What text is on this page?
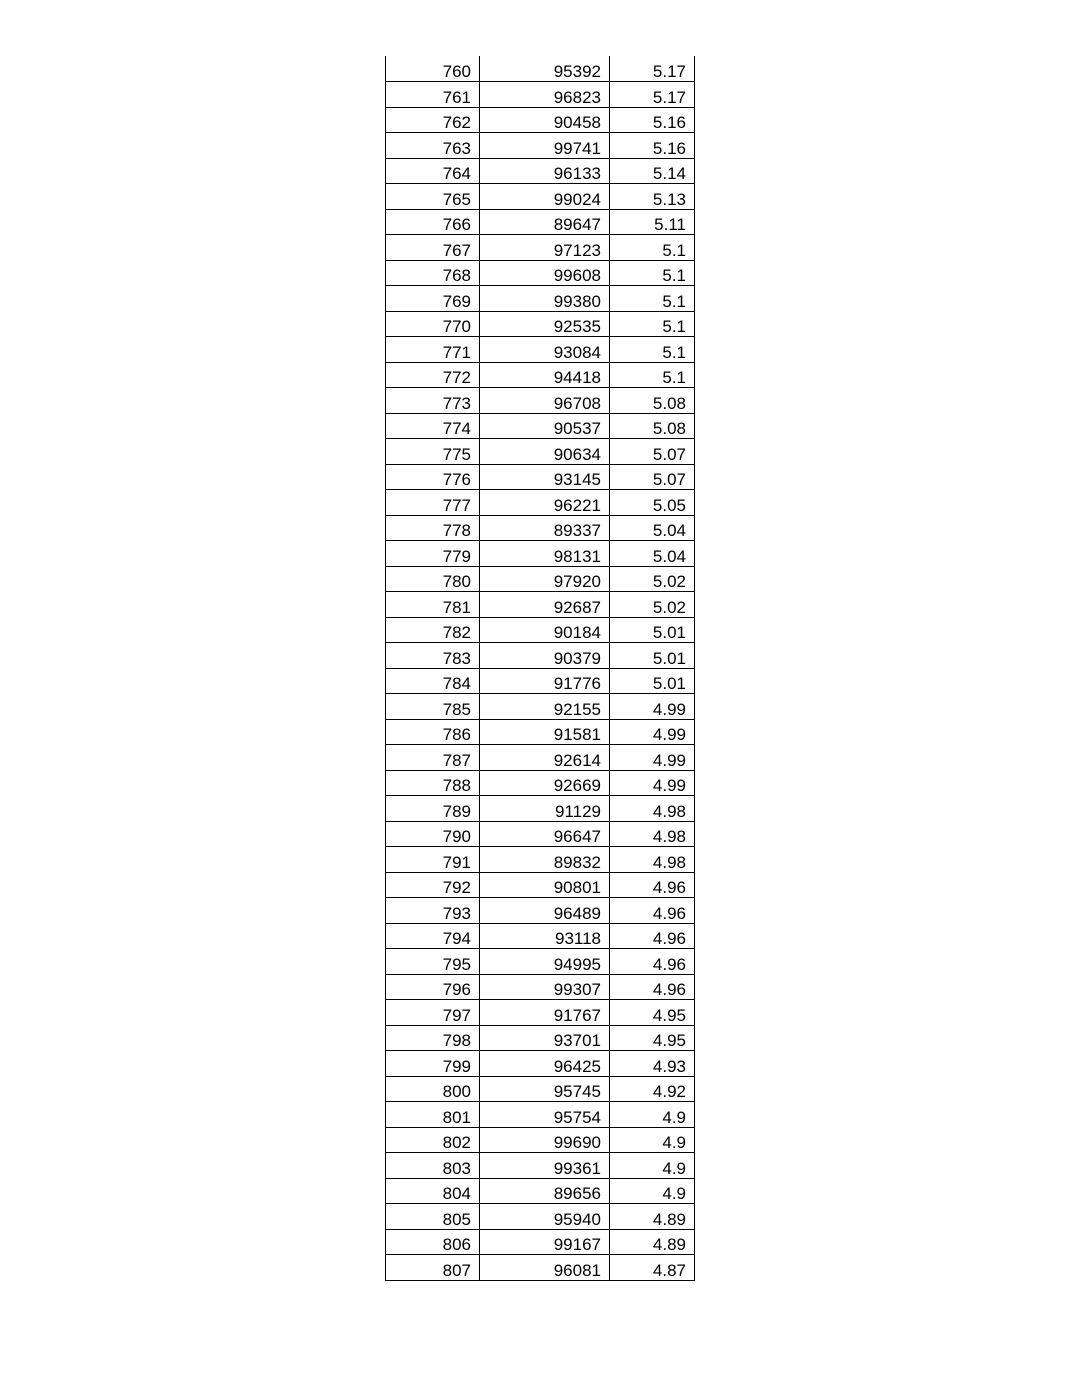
760	95392	5.17
761	96823	5.17
762	90458	5.16
763	99741	5.16
764	96133	5.14
765	99024	5.13
766	89647	5.11
767	97123	5.1
768	99608	5.1
769	99380	5.1
770	92535	5.1
771	93084	5.1
772	94418	5.1
773	96708	5.08
774	90537	5.08
775	90634	5.07
776	93145	5.07
777	96221	5.05
778	89337	5.04
779	98131	5.04
780	97920	5.02
781	92687	5.02
782	90184	5.01
783	90379	5.01
784	91776	5.01
785	92155	4.99
786	91581	4.99
787	92614	4.99
788	92669	4.99
789	91129	4.98
790	96647	4.98
791	89832	4.98
792	90801	4.96
793	96489	4.96
794	93118	4.96
795	94995	4.96
796	99307	4.96
797	91767	4.95
798	93701	4.95
799	96425	4.93
800	95745	4.92
801	95754	4.9
802	99690	4.9
803	99361	4.9
804	89656	4.9
805	95940	4.89
806	99167	4.89
807	96081	4.87
